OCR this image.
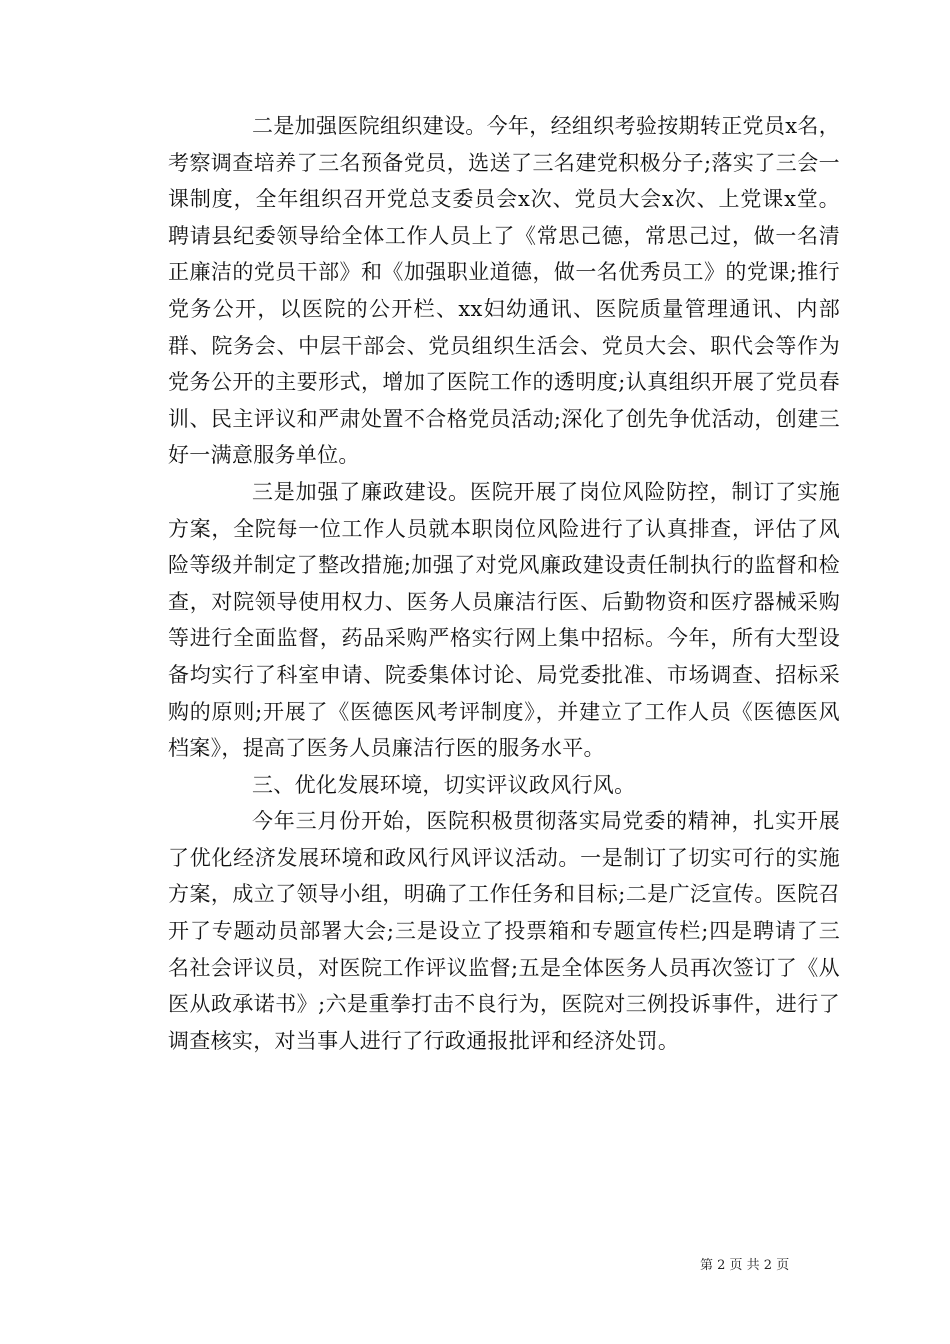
二是加强医院组织建设。今年，经组织考验按期转正党员x名，考察调查培养了三名预备党员，选送了三名建党积极分子;落实了三会一课制度，全年组织召开党总支委员会x次、党员大会x次、上党课x堂。聘请县纪委领导给全体工作人员上了《常思己德，常思己过，做一名清正廉洁的党员干部》和《加强职业道德，做一名优秀员工》的党课;推行党务公开，以医院的公开栏、xx妇幼通讯、医院质量管理通讯、内部群、院务会、中层干部会、党员组织生活会、党员大会、职代会等作为党务公开的主要形式，增加了医院工作的透明度;认真组织开展了党员春训、民主评议和严肃处置不合格党员活动;深化了创先争优活动，创建三好一满意服务单位。

三是加强了廉政建设。医院开展了岗位风险防控，制订了实施方案，全院每一位工作人员就本职岗位风险进行了认真排查，评估了风险等级并制定了整改措施;加强了对党风廉政建设责任制执行的监督和检查，对院领导使用权力、医务人员廉洁行医、后勤物资和医疗器械采购等进行全面监督，药品采购严格实行网上集中招标。今年，所有大型设备均实行了科室申请、院委集体讨论、局党委批准、市场调查、招标采购的原则;开展了《医德医风考评制度》，并建立了工作人员《医德医风档案》，提高了医务人员廉洁行医的服务水平。

三、优化发展环境，切实评议政风行风。

今年三月份开始，医院积极贯彻落实局党委的精神，扎实开展了优化经济发展环境和政风行风评议活动。一是制订了切实可行的实施方案，成立了领导小组，明确了工作任务和目标;二是广泛宣传。医院召开了专题动员部署大会;三是设立了投票箱和专题宣传栏;四是聘请了三名社会评议员，对医院工作评议监督;五是全体医务人员再次签订了《从医从政承诺书》;六是重拳打击不良行为，医院对三例投诉事件，进行了调查核实，对当事人进行了行政通报批评和经济处罚。

第 2 页 共 2 页
